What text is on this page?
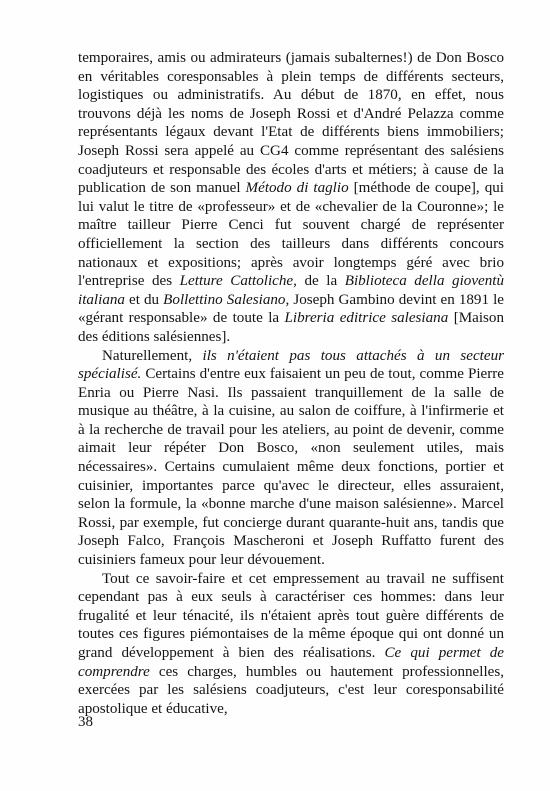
temporaires, amis ou admirateurs (jamais subalternes!) de Don Bosco en véritables coresponsables à plein temps de différents secteurs, logistiques ou administratifs. Au début de 1870, en effet, nous trouvons déjà les noms de Joseph Rossi et d'André Pelazza comme représentants légaux devant l'Etat de différents biens immobiliers; Joseph Rossi sera appelé au CG4 comme représentant des salésiens coadjuteurs et responsable des écoles d'arts et métiers; à cause de la publication de son manuel Método di taglio [méthode de coupe], qui lui valut le titre de «professeur» et de «chevalier de la Couronne»; le maître tailleur Pierre Cenci fut souvent chargé de représenter officiellement la section des tailleurs dans différents concours nationaux et expositions; après avoir longtemps géré avec brio l'entreprise des Letture Cattoliche, de la Biblioteca della gioventù italiana et du Bollettino Salesiano, Joseph Gambino devint en 1891 le «gérant responsable» de toute la Libreria editrice salesiana [Maison des éditions salésiennes].

Naturellement, ils n'étaient pas tous attachés à un secteur spécialisé. Certains d'entre eux faisaient un peu de tout, comme Pierre Enria ou Pierre Nasi. Ils passaient tranquillement de la salle de musique au théâtre, à la cuisine, au salon de coiffure, à l'infirmerie et à la recherche de travail pour les ateliers, au point de devenir, comme aimait leur répéter Don Bosco, «non seulement utiles, mais nécessaires». Certains cumulaient même deux fonctions, portier et cuisinier, importantes parce qu'avec le directeur, elles assuraient, selon la formule, la «bonne marche d'une maison salésienne». Marcel Rossi, par exemple, fut concierge durant quarante-huit ans, tandis que Joseph Falco, François Mascheroni et Joseph Ruffatto furent des cuisiniers fameux pour leur dévouement.

Tout ce savoir-faire et cet empressement au travail ne suffisent cependant pas à eux seuls à caractériser ces hommes: dans leur frugalité et leur ténacité, ils n'étaient après tout guère différents de toutes ces figures piémontaises de la même époque qui ont donné un grand développement à bien des réalisations. Ce qui permet de comprendre ces charges, humbles ou hautement professionnelles, exercées par les salésiens coadjuteurs, c'est leur coresponsabilité apostolique et éducative,

38
